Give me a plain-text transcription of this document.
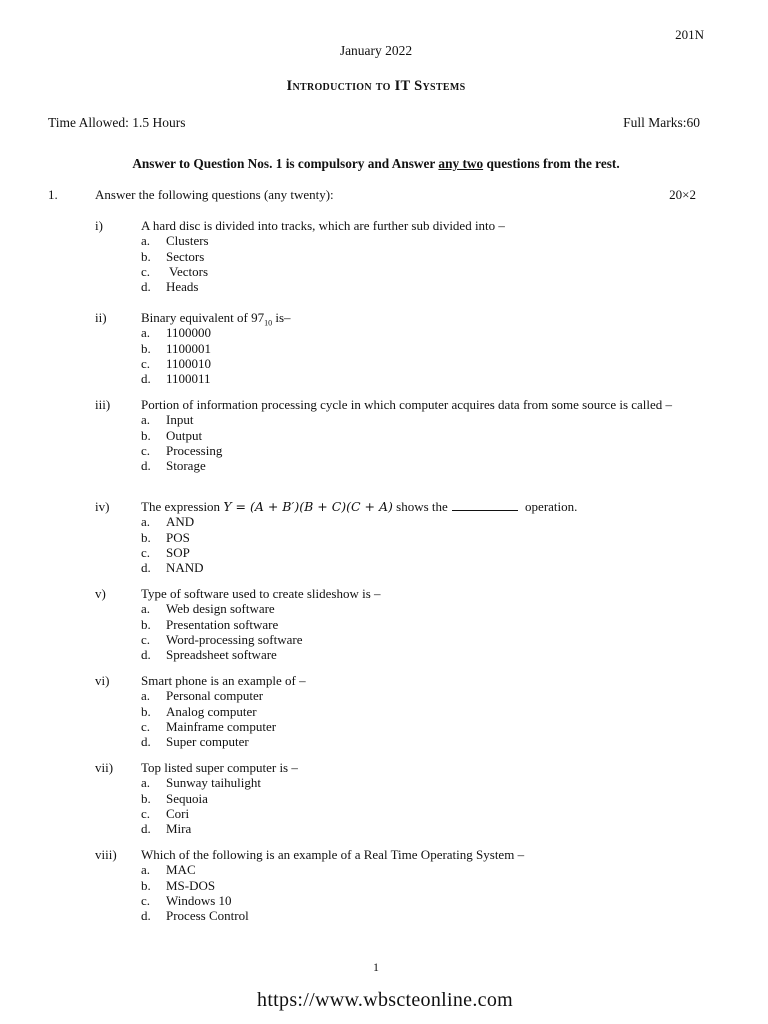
201N
January 2022
Introduction to IT Systems
Time Allowed: 1.5 Hours	Full Marks:60
Answer to Question Nos. 1 is compulsory and Answer any two questions from the rest.
1.	Answer the following questions (any twenty):	20×2
i)	A hard disc is divided into tracks, which are further sub divided into –
a.	Clusters
b.	Sectors
c.	Vectors
d.	Heads
ii)	Binary equivalent of $97_{10}$ is–
a.	1100000
b.	1100001
c.	1100010
d.	1100011
iii) Portion of information processing cycle in which computer acquires data from some source is called –
a.	Input
b.	Output
c.	Processing
d.	Storage
iv) The expression Y = (A + B′)(B + C)(C + A) shows the	operation.
a.	AND
b.	POS
c.	SOP
d.	NAND
v)	Type of software used to create slideshow is –
a.	Web design software
b.	Presentation software
c.	Word-processing software
d.	Spreadsheet software
vi) Smart phone is an example of –
a.	Personal computer
b.	Analog computer
c.	Mainframe computer
d.	Super computer
vii) Top listed super computer is –
a.	Sunway taihulight
b.	Sequoia
c.	Cori
d.	Mira
viii) Which of the following is an example of a Real Time Operating System –
a.	MAC
b.	MS-DOS
c.	Windows 10
d.	Process Control
1
https://www.wbscteonline.com
